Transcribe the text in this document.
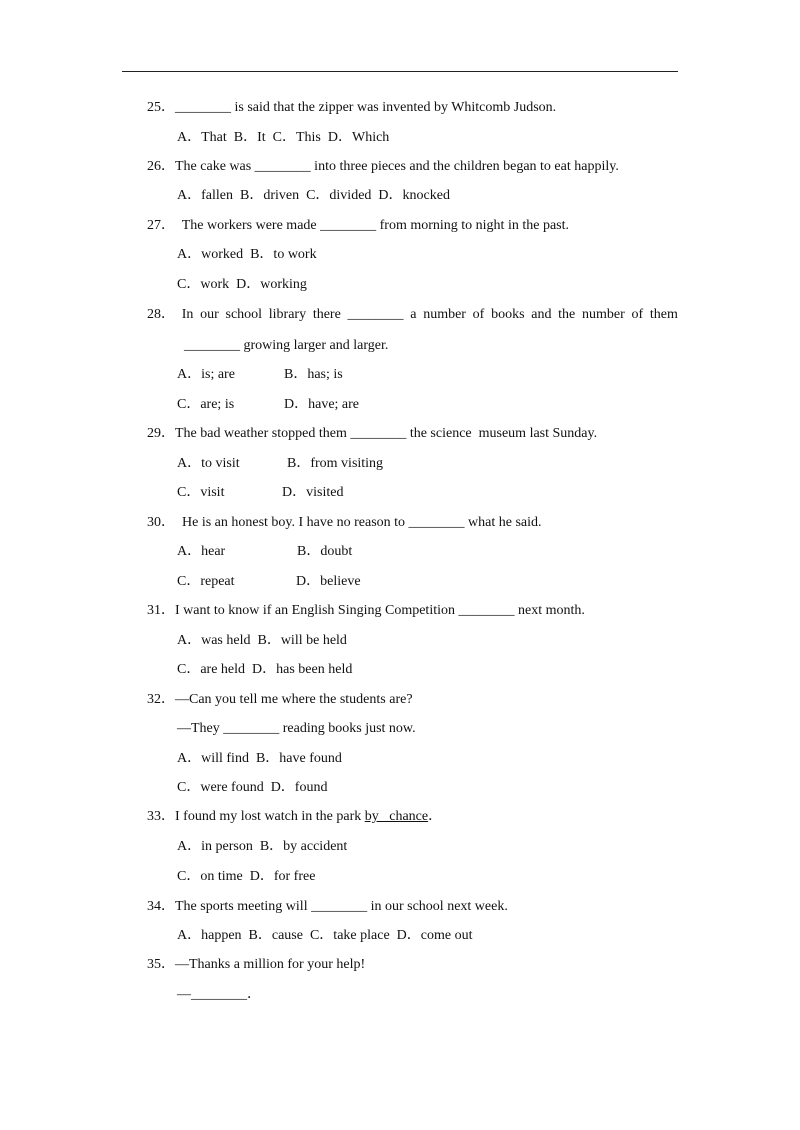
25．________ is said that the zipper was invented by Whitcomb Judson.
A．That  B．It  C．This  D．Which
26．The cake was ________ into three pieces and the children began to eat happily.
A．fallen  B．driven  C．divided  D．knocked
27．  The workers were made ________ from morning to night in the past.
A．worked  B．to work
C．work  D．working
28． In our school library there ________ a number of books and the number of them
________ growing larger and larger.
A．is; are	B．has; is
C．are; is	D．have; are
29．The bad weather stopped them ________ the science  museum last Sunday.
A．to visit	B．from visiting
C．visit	D．visited
30．  He is an honest boy. I have no reason to ________ what he said.
A．hear	B．doubt
C．repeat	D．believe
31．I want to know if an English Singing Competition ________ next month.
A．was held  B．will be held
C．are held  D．has been held
32．—Can you tell me where the students are?
—They ________ reading books just now.
A．will find  B．have found
C．were found  D．found
33．I found my lost watch in the park by   chance．
A．in person  B．by accident
C．on time  D．for free
34．The sports meeting will ________ in our school next week.
A．happen  B．cause  C．take place  D．come out
35．—Thanks a million for your help!
—________．
